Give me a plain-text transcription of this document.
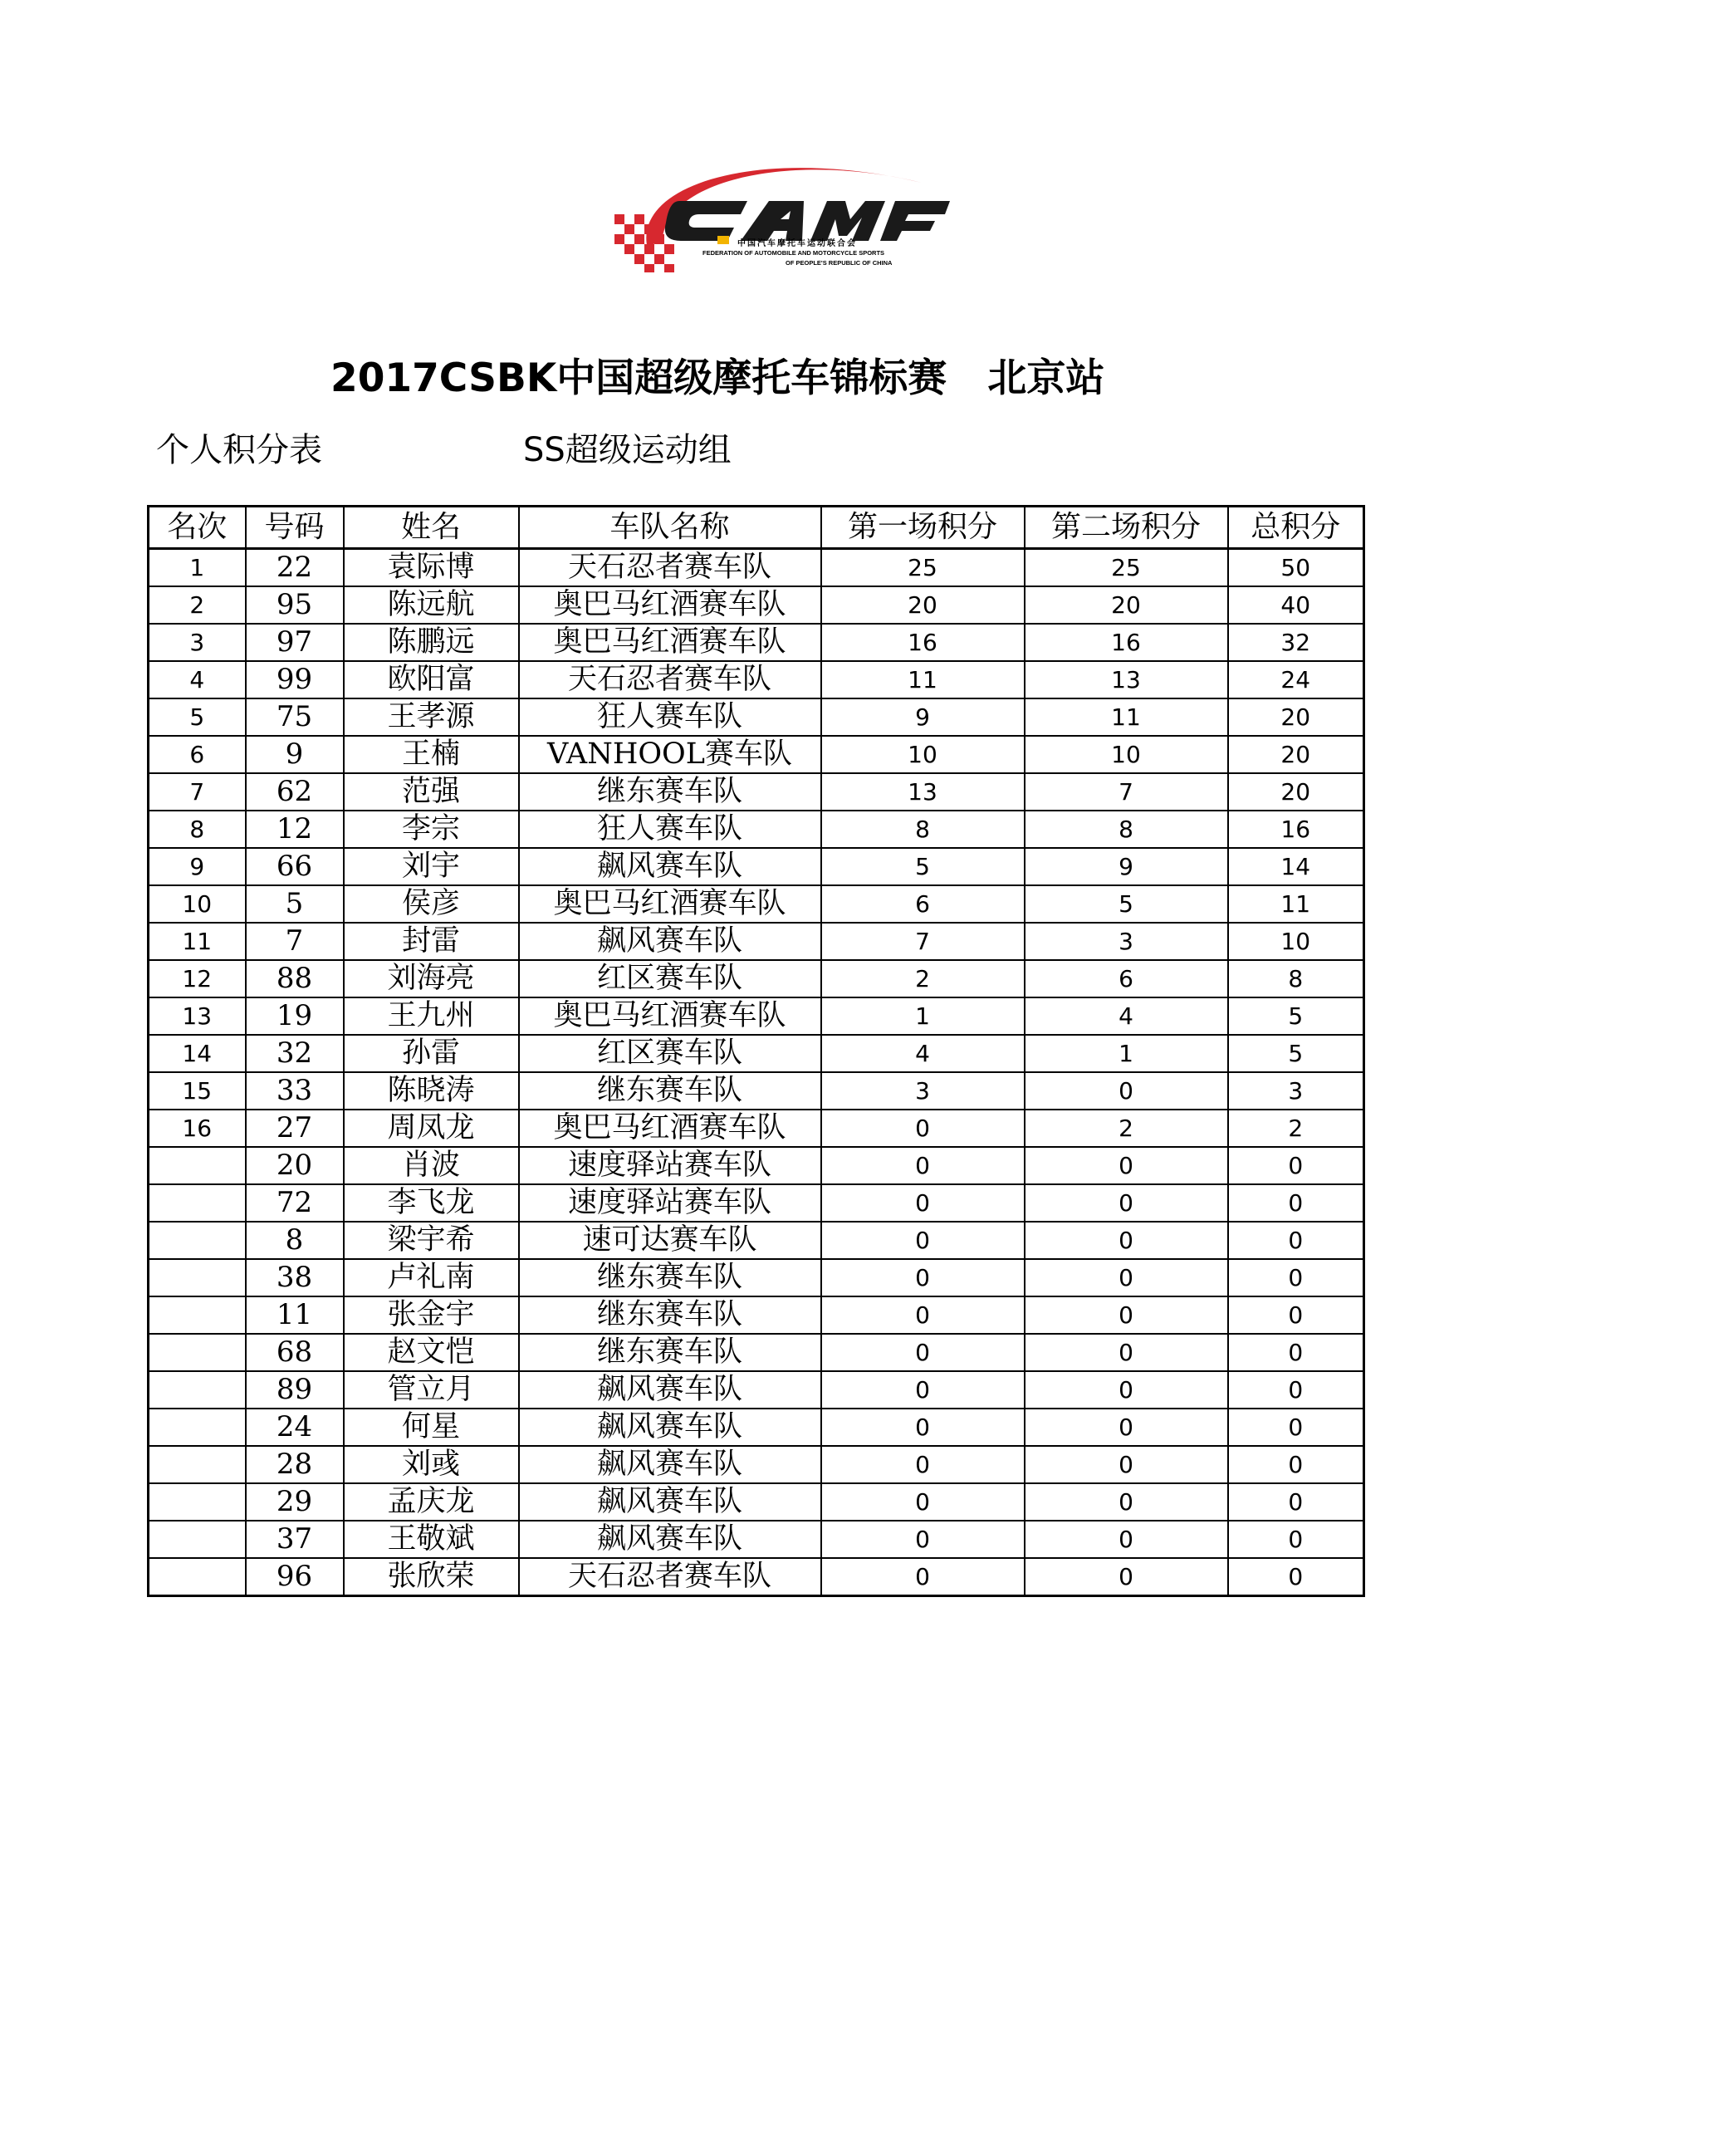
中国汽车摩托车运动联合会
FEDERATION OF AUTOMOBILE AND MOTORCYCLE SPORTS
OF PEOPLE'S REPUBLIC OF CHINA
2017CSBK中国超级摩托车锦标赛   北京站
个人积分表	SS超级运动组
名次	号码	姓名	车队名称	第一场积分	第二场积分	总积分
1	22	袁际博	天石忍者赛车队	25	25	50
2	95	陈远航	奥巴马红酒赛车队	20	20	40
3	97	陈鹏远	奥巴马红酒赛车队	16	16	32
4	99	欧阳富	天石忍者赛车队	11	13	24
5	75	王孝源	狂人赛车队	9	11	20
6	9	王楠	VANHOOL赛车队	10	10	20
7	62	范强	继东赛车队	13	7	20
8	12	李宗	狂人赛车队	8	8	16
9	66	刘宇	飙风赛车队	5	9	14
10	5	侯彦	奥巴马红酒赛车队	6	5	11
11	7	封雷	飙风赛车队	7	3	10
12	88	刘海亮	红区赛车队	2	6	8
13	19	王九州	奥巴马红酒赛车队	1	4	5
14	32	孙雷	红区赛车队	4	1	5
15	33	陈晓涛	继东赛车队	3	0	3
16	27	周凤龙	奥巴马红酒赛车队	0	2	2
	20	肖波	速度驿站赛车队	0	0	0
	72	李飞龙	速度驿站赛车队	0	0	0
	8	梁宇希	速可达赛车队	0	0	0
	38	卢礼南	继东赛车队	0	0	0
	11	张金宇	继东赛车队	0	0	0
	68	赵文恺	继东赛车队	0	0	0
	89	管立月	飙风赛车队	0	0	0
	24	何星	飙风赛车队	0	0	0
	28	刘彧	飙风赛车队	0	0	0
	29	孟庆龙	飙风赛车队	0	0	0
	37	王敬斌	飙风赛车队	0	0	0
	96	张欣荣	天石忍者赛车队	0	0	0
